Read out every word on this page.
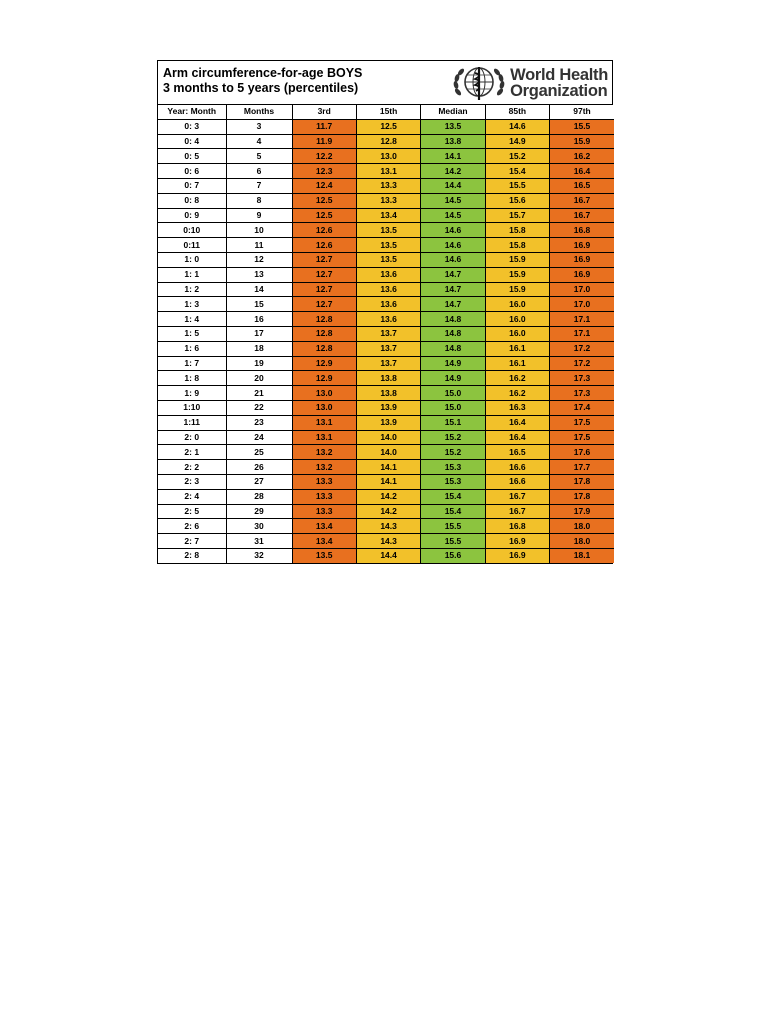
Arm circumference-for-age BOYS
3 months to 5 years (percentiles)
World Health
Organization
Year: Month	Months	3rd	15th	Median	85th	97th
0: 3	3	11.7	12.5	13.5	14.6	15.5
0: 4	4	11.9	12.8	13.8	14.9	15.9
0: 5	5	12.2	13.0	14.1	15.2	16.2
0: 6	6	12.3	13.1	14.2	15.4	16.4
0: 7	7	12.4	13.3	14.4	15.5	16.5
0: 8	8	12.5	13.3	14.5	15.6	16.7
0: 9	9	12.5	13.4	14.5	15.7	16.7
0:10	10	12.6	13.5	14.6	15.8	16.8
0:11	11	12.6	13.5	14.6	15.8	16.9
1: 0	12	12.7	13.5	14.6	15.9	16.9
1: 1	13	12.7	13.6	14.7	15.9	16.9
1: 2	14	12.7	13.6	14.7	15.9	17.0
1: 3	15	12.7	13.6	14.7	16.0	17.0
1: 4	16	12.8	13.6	14.8	16.0	17.1
1: 5	17	12.8	13.7	14.8	16.0	17.1
1: 6	18	12.8	13.7	14.8	16.1	17.2
1: 7	19	12.9	13.7	14.9	16.1	17.2
1: 8	20	12.9	13.8	14.9	16.2	17.3
1: 9	21	13.0	13.8	15.0	16.2	17.3
1:10	22	13.0	13.9	15.0	16.3	17.4
1:11	23	13.1	13.9	15.1	16.4	17.5
2: 0	24	13.1	14.0	15.2	16.4	17.5
2: 1	25	13.2	14.0	15.2	16.5	17.6
2: 2	26	13.2	14.1	15.3	16.6	17.7
2: 3	27	13.3	14.1	15.3	16.6	17.8
2: 4	28	13.3	14.2	15.4	16.7	17.8
2: 5	29	13.3	14.2	15.4	16.7	17.9
2: 6	30	13.4	14.3	15.5	16.8	18.0
2: 7	31	13.4	14.3	15.5	16.9	18.0
2: 8	32	13.5	14.4	15.6	16.9	18.1
